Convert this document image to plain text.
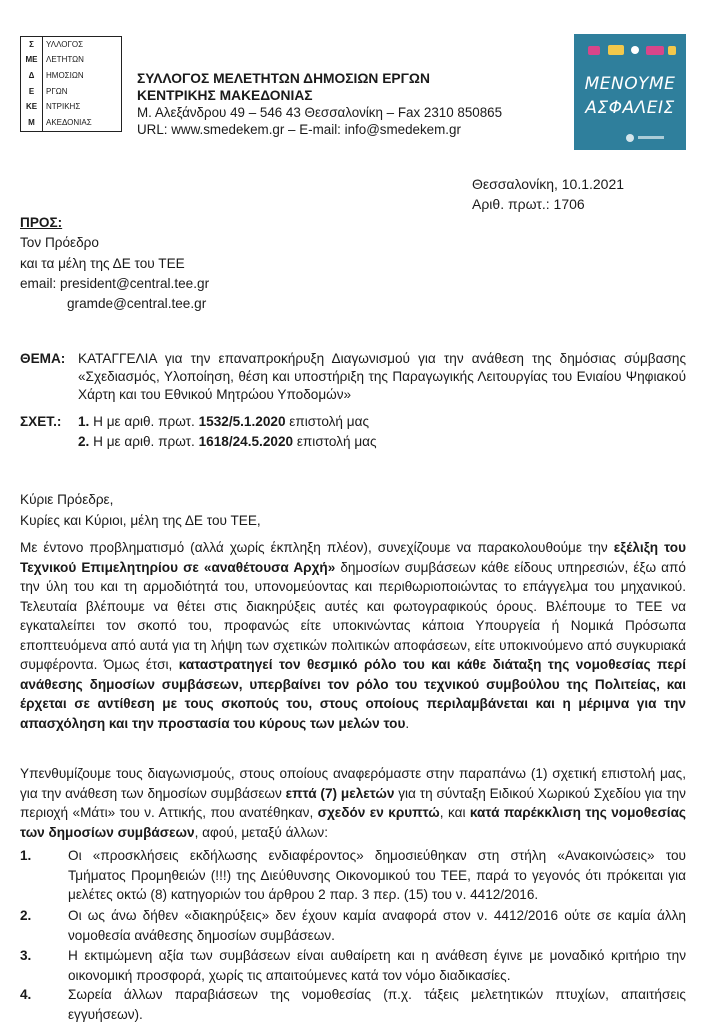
Σ	ΥΛΛΟΓΟΣ
ΜΕ	ΛΕΤΗΤΩΝ
Δ	ΗΜΟΣΙΩΝ
Ε	ΡΓΩΝ
ΚΕ	ΝΤΡΙΚΗΣ
Μ	ΑΚΕΔΟΝΙΑΣ
ΣΥΛΛΟΓΟΣ ΜΕΛΕΤΗΤΩΝ ΔΗΜΟΣΙΩΝ ΕΡΓΩΝ
ΚΕΝΤΡΙΚΗΣ ΜΑΚΕΔΟΝΙΑΣ
Μ. Αλεξάνδρου 49 – 546 43 Θεσσαλονίκη – Fax 2310 850865
URL: www.smedekem.gr – E-mail: info@smedekem.gr
ΜΕΝΟΥΜΕ
ΑΣΦΑΛΕΙΣ
Θεσσαλονίκη, 10.1.2021
Αριθ. πρωτ.: 1706
ΠΡΟΣ:
Τον Πρόεδρο
και τα μέλη της ΔΕ του ΤΕΕ
email: president@central.tee.gr
gramde@central.tee.gr
ΘΕΜΑ: ΚΑΤΑΓΓΕΛΙΑ για την επαναπροκήρυξη Διαγωνισμού για την ανάθεση της δημόσιας σύμβασης «Σχεδιασμός, Υλοποίηση, θέση και υποστήριξη της Παραγωγικής Λειτουργίας του Ενιαίου Ψηφιακού Χάρτη και του Εθνικού Μητρώου Υποδομών»
ΣΧΕΤ.: 1. Η με αριθ. πρωτ. 1532/5.1.2020 επιστολή μας
2. Η με αριθ. πρωτ. 1618/24.5.2020 επιστολή μας
Κύριε Πρόεδρε,
Κυρίες και Κύριοι, μέλη της ΔΕ του ΤΕΕ,
Με έντονο προβληματισμό (αλλά χωρίς έκπληξη πλέον), συνεχίζουμε να παρακολουθούμε την εξέλιξη του Τεχνικού Επιμελητηρίου σε «αναθέτουσα Αρχή» δημοσίων συμβάσεων κάθε είδους υπηρεσιών, έξω από την ύλη του και τη αρμοδιότητά του, υπονομεύοντας και περιθωριοποιώντας το επάγγελμα του μηχανικού. Τελευταία βλέπουμε να θέτει στις διακηρύξεις αυτές και φωτογραφικούς όρους. Βλέπουμε το ΤΕΕ να εγκαταλείπει τον σκοπό του, προφανώς είτε υποκινώντας κάποια Υπουργεία ή Νομικά Πρόσωπα εποπτευόμενα από αυτά για τη λήψη των σχετικών πολιτικών αποφάσεων, είτε υποκινούμενο από συγκυριακά συμφέροντα. Όμως έτσι, καταστρατηγεί τον θεσμικό ρόλο του και κάθε διάταξη της νομοθεσίας περί ανάθεσης δημοσίων συμβάσεων, υπερβαίνει τον ρόλο του τεχνικού συμβούλου της Πολιτείας, και έρχεται σε αντίθεση με τους σκοπούς του, στους οποίους περιλαμβάνεται και η μέριμνα για την απασχόληση και την προστασία του κύρους των μελών του.
Υπενθυμίζουμε τους διαγωνισμούς, στους οποίους αναφερόμαστε στην παραπάνω (1) σχετική επιστολή μας, για την ανάθεση των δημοσίων συμβάσεων επτά (7) μελετών για τη σύνταξη Ειδικού Χωρικού Σχεδίου για την περιοχή «Μάτι» του ν. Αττικής, που ανατέθηκαν, σχεδόν εν κρυπτώ, και κατά παρέκκλιση της νομοθεσίας των δημοσίων συμβάσεων, αφού, μεταξύ άλλων:
1.	Οι «προσκλήσεις εκδήλωσης ενδιαφέροντος» δημοσιεύθηκαν στη στήλη «Ανακοινώσεις» του Τμήματος Προμηθειών (!!!) της Διεύθυνσης Οικονομικού του ΤΕΕ, παρά το γεγονός ότι πρόκειται για μελέτες οκτώ (8) κατηγοριών του άρθρου 2 παρ. 3 περ. (15) του ν. 4412/2016.
2.	Οι ως άνω δήθεν «διακηρύξεις» δεν έχουν καμία αναφορά στον ν. 4412/2016 ούτε σε καμία άλλη νομοθεσία ανάθεσης δημοσίων συμβάσεων.
3.	Η εκτιμώμενη αξία των συμβάσεων είναι αυθαίρετη και η ανάθεση έγινε με μοναδικό κριτήριο την οικονομική προσφορά, χωρίς τις απαιτούμενες κατά τον νόμο διαδικασίες.
4.	Σωρεία άλλων παραβιάσεων της νομοθεσίας (π.χ. τάξεις μελετητικών πτυχίων, απαιτήσεις εγγυήσεων).
